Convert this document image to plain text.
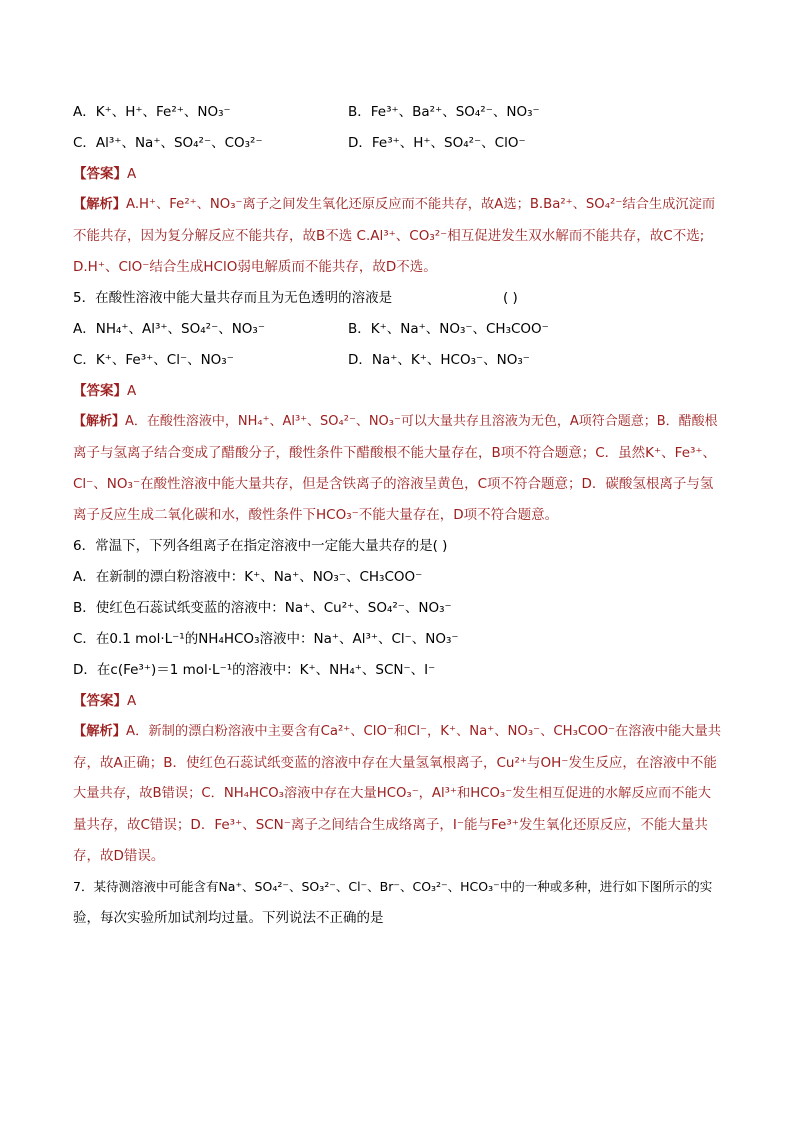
A．K⁺、H⁺、Fe²⁺、NO₃⁻	B．Fe³⁺、Ba²⁺、SO₄²⁻、NO₃⁻
C．Al³⁺、Na⁺、SO₄²⁻、CO₃²⁻	D．Fe³⁺、H⁺、SO₄²⁻、ClO⁻
【答案】A
【解析】A.H⁺、Fe²⁺、NO₃⁻离子之间发生氧化还原反应而不能共存，故A选；B.Ba²⁺、SO₄²⁻结合生成沉淀而
不能共存，因为复分解反应不能共存，故B不选 C.Al³⁺、CO₃²⁻相互促进发生双水解而不能共存，故C不选;
D.H⁺、ClO⁻结合生成HClO弱电解质而不能共存，故D不选。
5．在酸性溶液中能大量共存而且为无色透明的溶液是	( )
A．NH₄⁺、Al³⁺、SO₄²⁻、NO₃⁻	B．K⁺、Na⁺、NO₃⁻、CH₃COO⁻
C．K⁺、Fe³⁺、Cl⁻、NO₃⁻	D．Na⁺、K⁺、HCO₃⁻、NO₃⁻
【答案】A
【解析】A．在酸性溶液中，NH₄⁺、Al³⁺、SO₄²⁻、NO₃⁻可以大量共存且溶液为无色，A项符合题意；B．醋酸根
离子与氢离子结合变成了醋酸分子，酸性条件下醋酸根不能大量存在，B项不符合题意；C．虽然K⁺、Fe³⁺、
Cl⁻、NO₃⁻在酸性溶液中能大量共存，但是含铁离子的溶液呈黄色，C项不符合题意；D．碳酸氢根离子与氢
离子反应生成二氧化碳和水，酸性条件下HCO₃⁻不能大量存在，D项不符合题意。
6．常温下，下列各组离子在指定溶液中一定能大量共存的是( )
A．在新制的漂白粉溶液中：K⁺、Na⁺、NO₃⁻、CH₃COO⁻
B．使红色石蕊试纸变蓝的溶液中：Na⁺、Cu²⁺、SO₄²⁻、NO₃⁻
C．在0.1 mol·L⁻¹的NH₄HCO₃溶液中：Na⁺、Al³⁺、Cl⁻、NO₃⁻
D．在c(Fe³⁺)＝1 mol·L⁻¹的溶液中：K⁺、NH₄⁺、SCN⁻、I⁻
【答案】A
【解析】A．新制的漂白粉溶液中主要含有Ca²⁺、ClO⁻和Cl⁻，K⁺、Na⁺、NO₃⁻、CH₃COO⁻在溶液中能大量共
存，故A正确；B．使红色石蕊试纸变蓝的溶液中存在大量氢氧根离子，Cu²⁺与OH⁻发生反应，在溶液中不能
大量共存，故B错误；C．NH₄HCO₃溶液中存在大量HCO₃⁻，Al³⁺和HCO₃⁻发生相互促进的水解反应而不能大
量共存，故C错误；D．Fe³⁺、SCN⁻离子之间结合生成络离子，I⁻能与Fe³⁺发生氧化还原反应，不能大量共
存，故D错误。
7．某待测溶液中可能含有Na⁺、SO₄²⁻、SO₃²⁻、Cl⁻、Br⁻、CO₃²⁻、HCO₃⁻中的一种或多种，进行如下图所示的实
验，每次实验所加试剂均过量。下列说法不正确的是
